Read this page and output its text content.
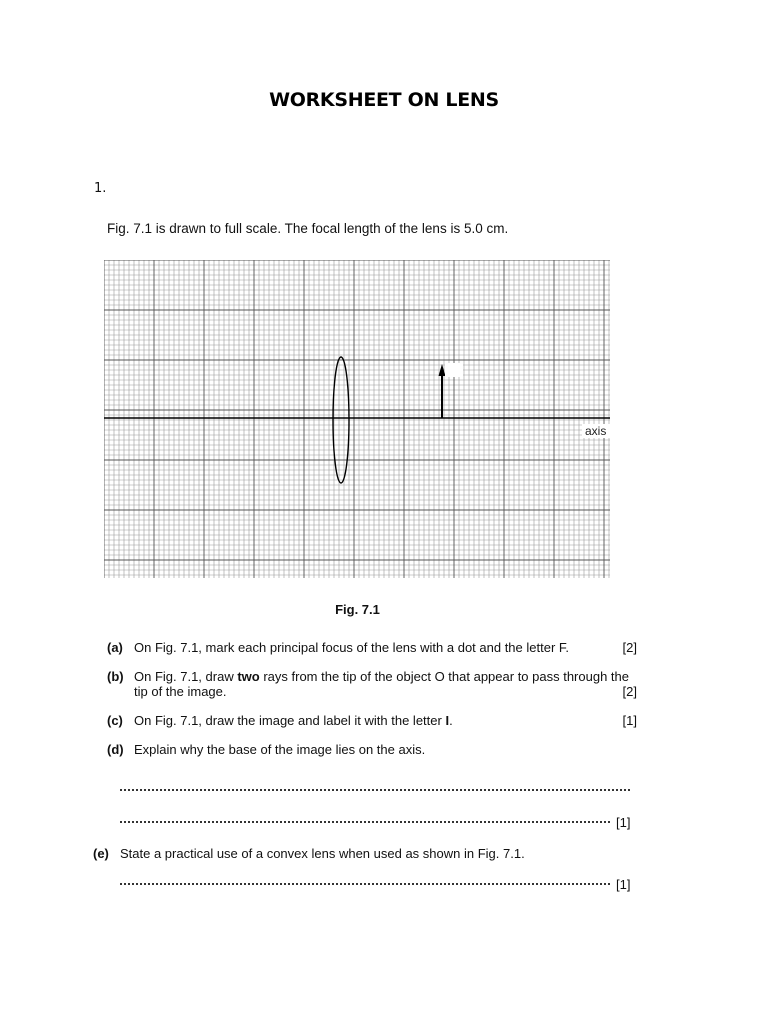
WORKSHEET ON LENS
1.
Fig. 7.1 is drawn to full scale. The focal length of the lens is 5.0 cm.
O
axis
Fig. 7.1
(a) On Fig. 7.1, mark each principal focus of the lens with a dot and the letter F.	[2]
(b) On Fig. 7.1, draw two rays from the tip of the object O that appear to pass through the tip of the image.	[2]
(c) On Fig. 7.1, draw the image and label it with the letter I.	[1]
(d) Explain why the base of the image lies on the axis.
[1]
(e) State a practical use of a convex lens when used as shown in Fig. 7.1.
[1]
